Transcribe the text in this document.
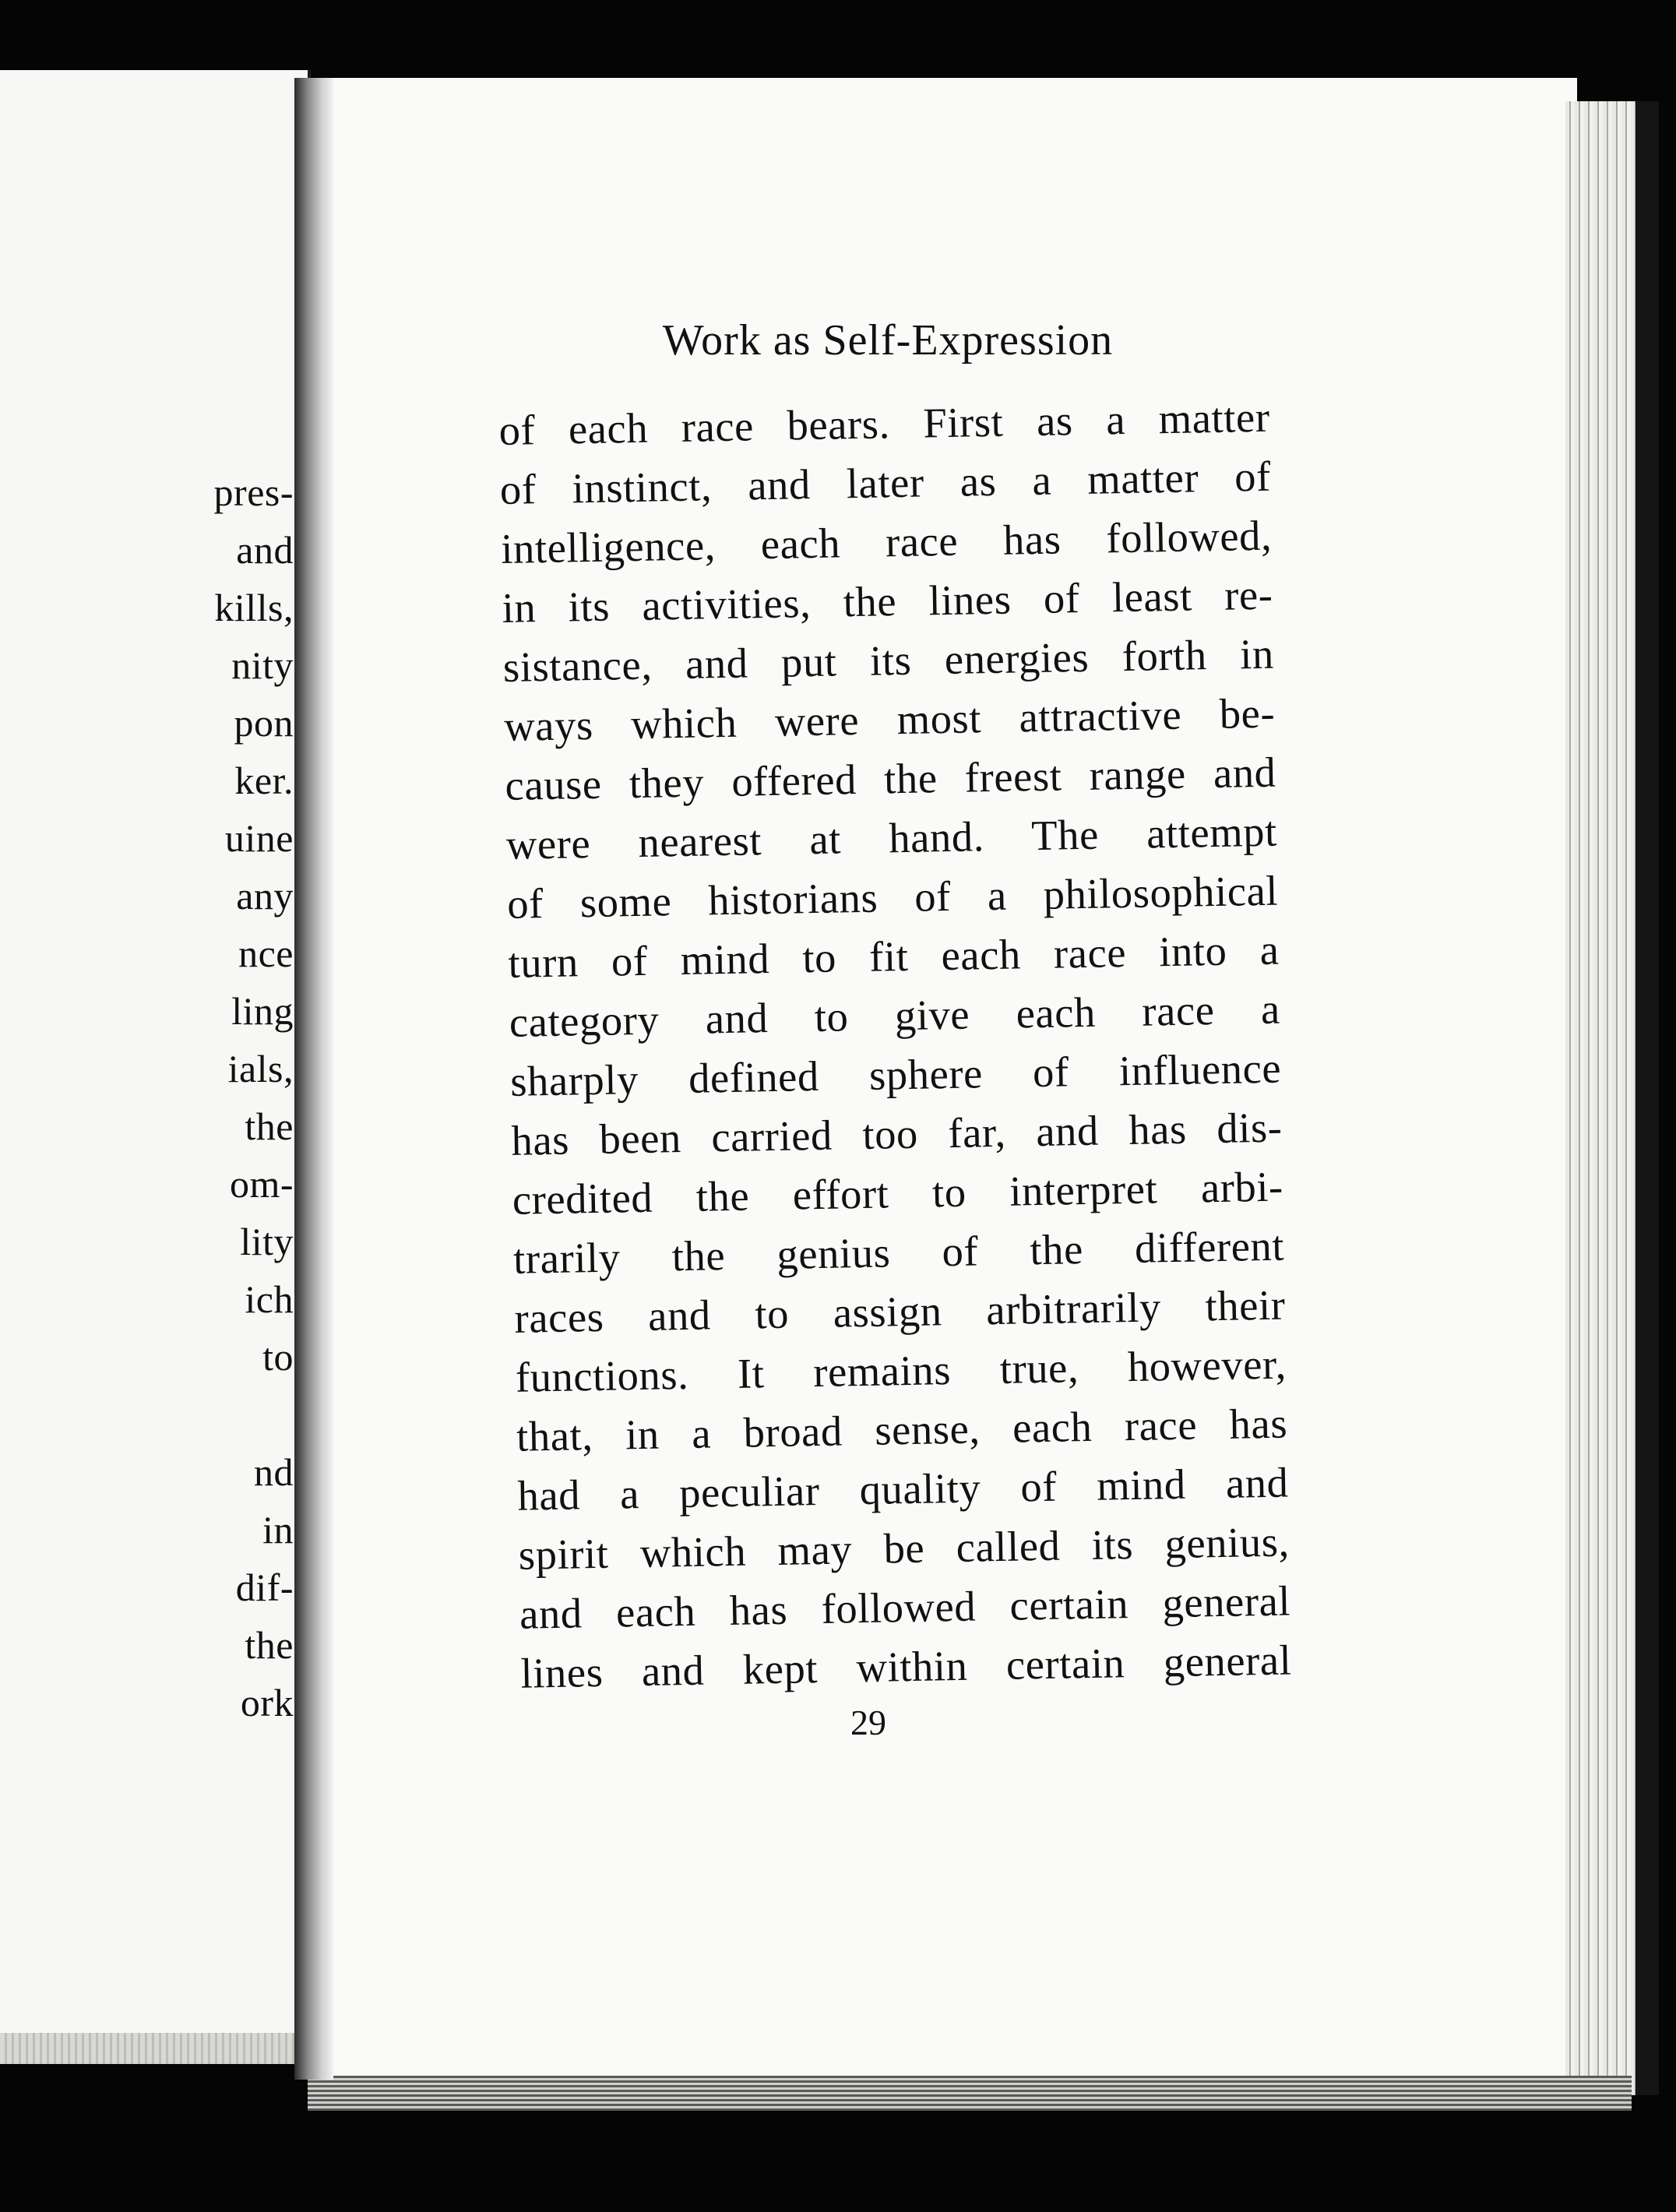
pres-
and
kills,
nity
pon
ker.
uine
any
nce
ling
ials,
the
om-
lity
ich
to
nd
in
dif-
the
ork
Work as Self-Expression
of each race bears. First as a matter
of instinct, and later as a matter of
intelligence, each race has followed,
in its activities, the lines of least re-
sistance, and put its energies forth in
ways which were most attractive be-
cause they offered the freest range and
were nearest at hand. The attempt
of some historians of a philosophical
turn of mind to fit each race into a
category and to give each race a
sharply defined sphere of influence
has been carried too far, and has dis-
credited the effort to interpret arbi-
trarily the genius of the different
races and to assign arbitrarily their
functions. It remains true, however,
that, in a broad sense, each race has
had a peculiar quality of mind and
spirit which may be called its genius,
and each has followed certain general
lines and kept within certain general

29
